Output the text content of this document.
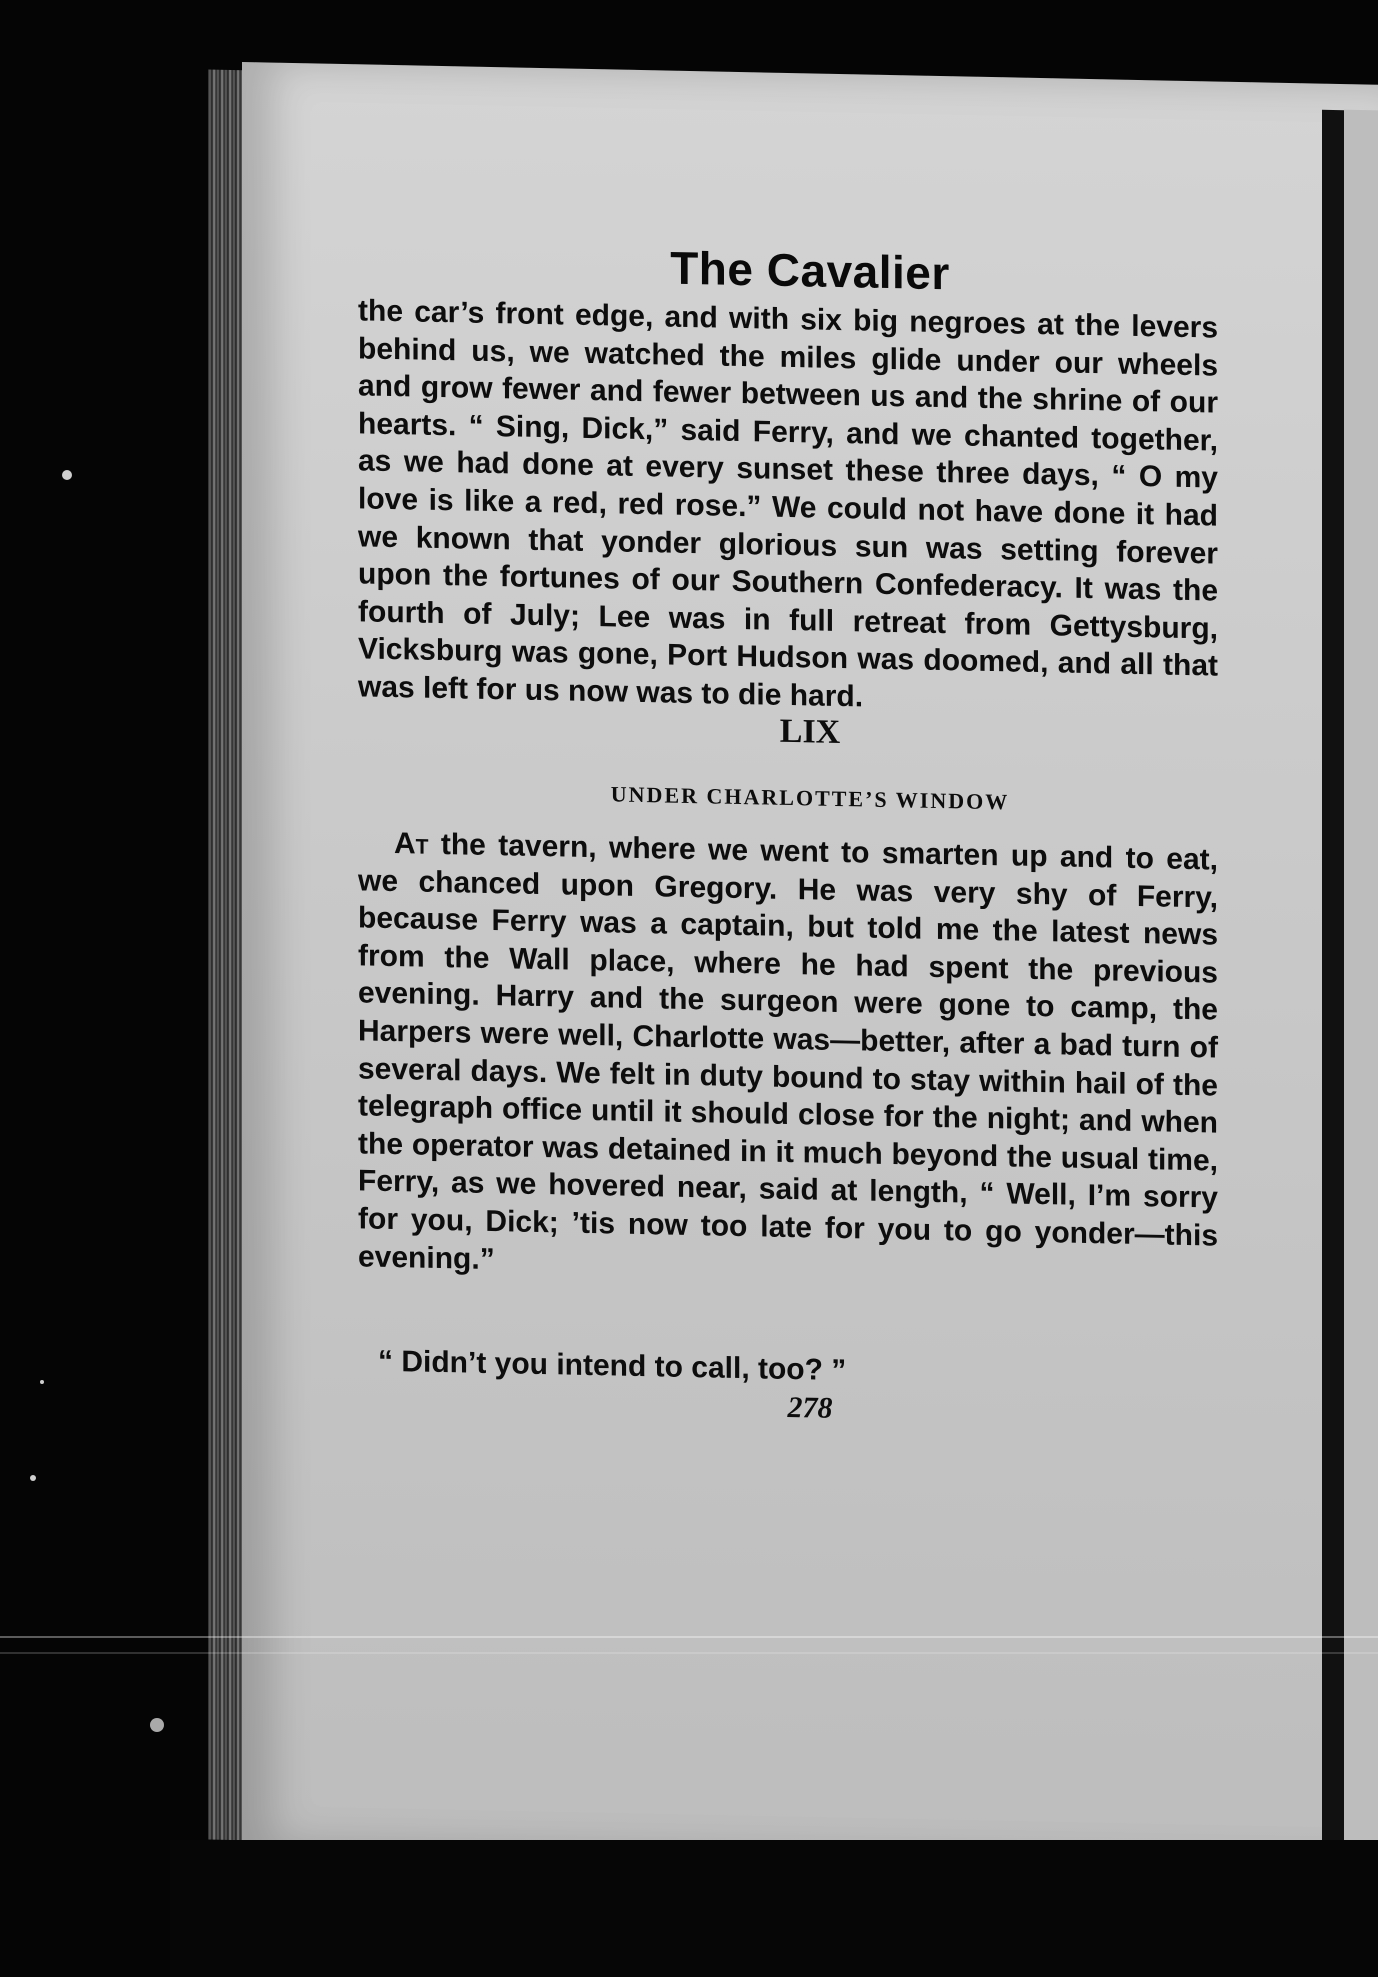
The Cavalier

the car’s front edge, and with six big negroes at the levers behind us, we watched the miles glide under our wheels and grow fewer and fewer between us and the shrine of our hearts. “ Sing, Dick,” said Ferry, and we chanted together, as we had done at every sunset these three days, “ O my love is like a red, red rose.” We could not have done it had we known that yonder glorious sun was setting forever upon the fortunes of our Southern Confederacy. It was the fourth of July; Lee was in full retreat from Gettysburg, Vicksburg was gone, Port Hudson was doomed, and all that was left for us now was to die hard.

LIX
UNDER CHARLOTTE’S WINDOW

At the tavern, where we went to smarten up and to eat, we chanced upon Gregory. He was very shy of Ferry, because Ferry was a captain, but told me the latest news from the Wall place, where he had spent the previous evening. Harry and the surgeon were gone to camp, the Harpers were well, Charlotte was—better, after a bad turn of several days. We felt in duty bound to stay within hail of the telegraph office until it should close for the night; and when the operator was detained in it much beyond the usual time, Ferry, as we hovered near, said at length, “ Well, I’m sorry for you, Dick; ’tis now too late for you to go yonder—this evening.”

“ Didn’t you intend to call, too? ”

278
